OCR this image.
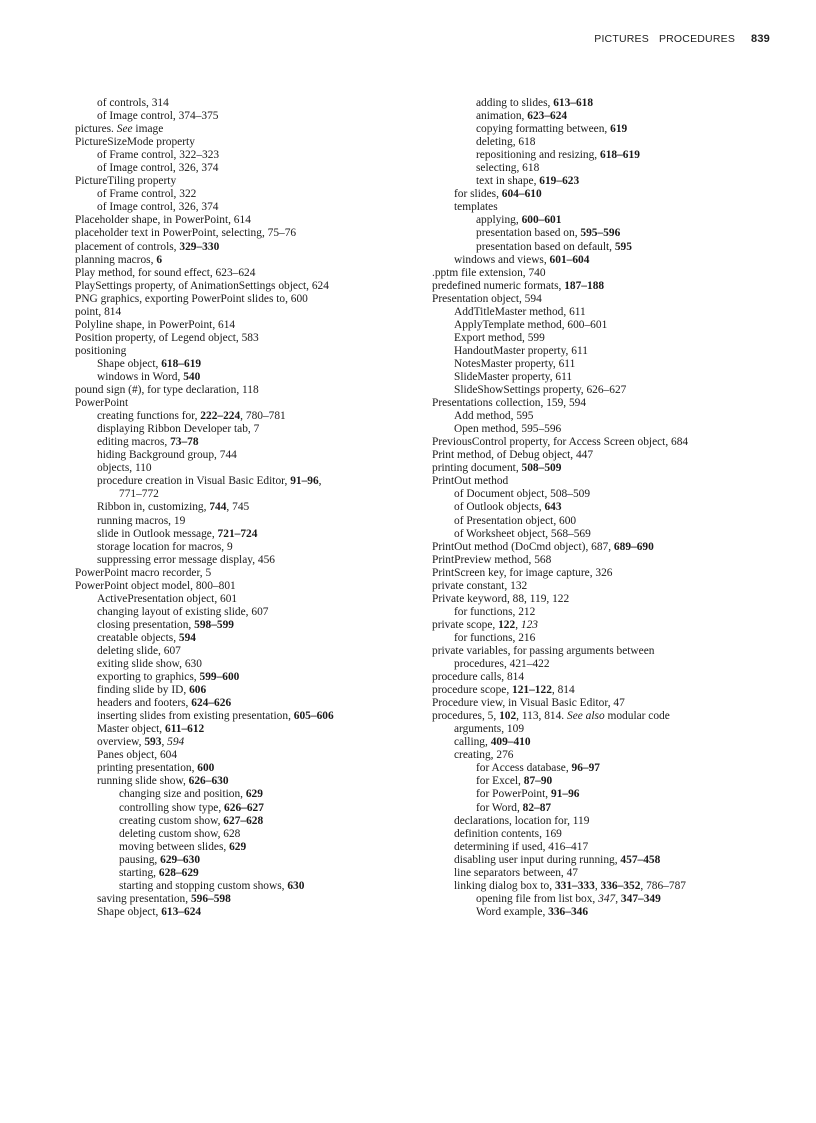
PICTURES PROCEDURES 839
of controls, 314
of Image control, 374–375
pictures. See image
PictureSizeMode property
of Frame control, 322–323
of Image control, 326, 374
PictureTiling property
of Frame control, 322
of Image control, 326, 374
Placeholder shape, in PowerPoint, 614
placeholder text in PowerPoint, selecting, 75–76
placement of controls, 329–330
planning macros, 6
Play method, for sound effect, 623–624
PlaySettings property, of AnimationSettings object, 624
PNG graphics, exporting PowerPoint slides to, 600
point, 814
Polyline shape, in PowerPoint, 614
Position property, of Legend object, 583
positioning
Shape object, 618–619
windows in Word, 540
pound sign (#), for type declaration, 118
PowerPoint
creating functions for, 222–224, 780–781
displaying Ribbon Developer tab, 7
editing macros, 73–78
hiding Background group, 744
objects, 110
procedure creation in Visual Basic Editor, 91–96,
771–772
Ribbon in, customizing, 744, 745
running macros, 19
slide in Outlook message, 721–724
storage location for macros, 9
suppressing error message display, 456
PowerPoint macro recorder, 5
PowerPoint object model, 800–801
ActivePresentation object, 601
changing layout of existing slide, 607
closing presentation, 598–599
creatable objects, 594
deleting slide, 607
exiting slide show, 630
exporting to graphics, 599–600
finding slide by ID, 606
headers and footers, 624–626
inserting slides from existing presentation, 605–606
Master object, 611–612
overview, 593, 594
Panes object, 604
printing presentation, 600
running slide show, 626–630
changing size and position, 629
controlling show type, 626–627
creating custom show, 627–628
deleting custom show, 628
moving between slides, 629
pausing, 629–630
starting, 628–629
starting and stopping custom shows, 630
saving presentation, 596–598
Shape object, 613–624
adding to slides, 613–618
animation, 623–624
copying formatting between, 619
deleting, 618
repositioning and resizing, 618–619
selecting, 618
text in shape, 619–623
for slides, 604–610
templates
applying, 600–601
presentation based on, 595–596
presentation based on default, 595
windows and views, 601–604
.pptm file extension, 740
predefined numeric formats, 187–188
Presentation object, 594
AddTitleMaster method, 611
ApplyTemplate method, 600–601
Export method, 599
HandoutMaster property, 611
NotesMaster property, 611
SlideMaster property, 611
SlideShowSettings property, 626–627
Presentations collection, 159, 594
Add method, 595
Open method, 595–596
PreviousControl property, for Access Screen object, 684
Print method, of Debug object, 447
printing document, 508–509
PrintOut method
of Document object, 508–509
of Outlook objects, 643
of Presentation object, 600
of Worksheet object, 568–569
PrintOut method (DoCmd object), 687, 689–690
PrintPreview method, 568
PrintScreen key, for image capture, 326
private constant, 132
Private keyword, 88, 119, 122
for functions, 212
private scope, 122, 123
for functions, 216
private variables, for passing arguments between
procedures, 421–422
procedure calls, 814
procedure scope, 121–122, 814
Procedure view, in Visual Basic Editor, 47
procedures, 5, 102, 113, 814. See also modular code
arguments, 109
calling, 409–410
creating, 276
for Access database, 96–97
for Excel, 87–90
for PowerPoint, 91–96
for Word, 82–87
declarations, location for, 119
definition contents, 169
determining if used, 416–417
disabling user input during running, 457–458
line separators between, 47
linking dialog box to, 331–333, 336–352, 786–787
opening file from list box, 347, 347–349
Word example, 336–346
